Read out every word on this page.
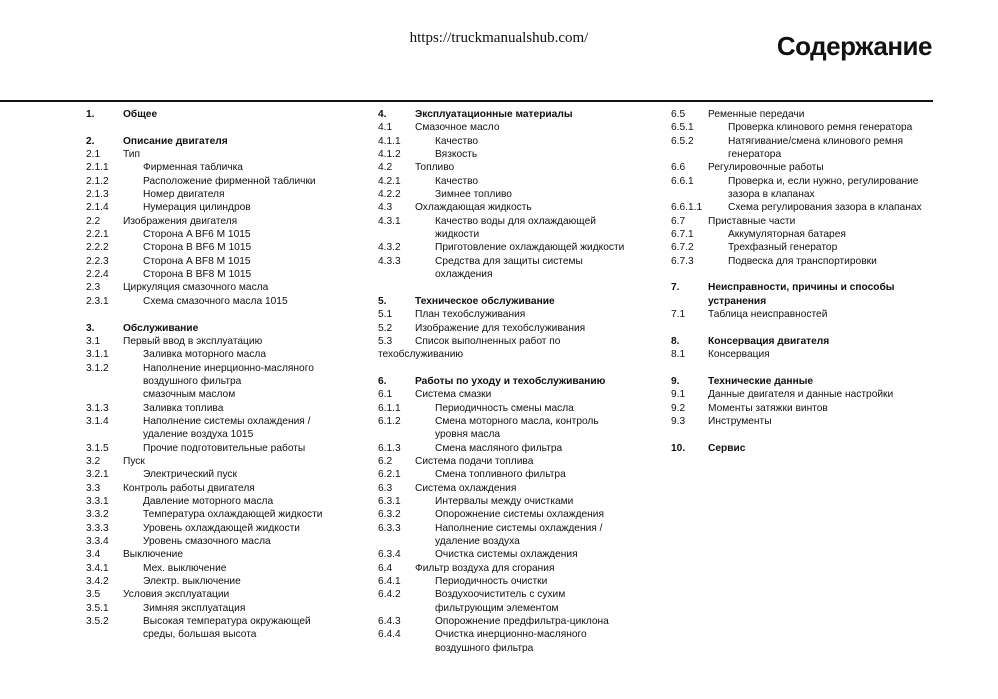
https://truckmanualshub.com/	Содержание
1.	Общее
2.	Описание двигателя
2.1	Тип
2.1.1	Фирменная табличка
2.1.2	Расположение фирменной таблички
2.1.3	Номер двигателя
2.1.4	Нумерация цилиндров
2.2	Изображения двигателя
2.2.1	Сторона A BF6 M 1015
2.2.2	Сторона B BF6 M 1015
2.2.3	Сторона A BF8 M 1015
2.2.4	Сторона B BF8 M 1015
2.3	Циркуляция смазочного масла
2.3.1	Схема смазочного масла 1015
3.	Обслуживание
3.1	Первый ввод в эксплуатацию
3.1.1	Заливка моторного масла
3.1.2	Наполнение инерционно-масляного
воздушного фильтра
смазочным маслом
3.1.3	Заливка топлива
3.1.4	Наполнение системы охлаждения /
удаление воздуха 1015
3.1.5	Прочие подготовительные работы
3.2	Пуск
3.2.1	Электрический пуск
3.3	Контроль работы двигателя
3.3.1	Давление моторного масла
3.3.2	Температура охлаждающей жидкости
3.3.3	Уровень охлаждающей жидкости
3.3.4	Уровень смазочного масла
3.4	Выключение
3.4.1	Мех. выключение
3.4.2	Электр. выключение
3.5	Условия эксплуатации
3.5.1	Зимняя эксплуатация
3.5.2	Высокая температура окружающей
среды, большая высота
4.	Эксплуатационные материалы
4.1	Смазочное масло
4.1.1	Качество
4.1.2	Вязкость
4.2	Топливо
4.2.1	Качество
4.2.2	Зимнее топливо
4.3	Охлаждающая жидкость
4.3.1	Качество воды для охлаждающей
жидкости
4.3.2	Приготовление охлаждающей жидкости
4.3.3	Средства для защиты системы
охлаждения
5.	Техническое обслуживание
5.1	План техобслуживания
5.2	Изображение для техобслуживания
5.3 Список выполненных работ по
техобслуживанию
6.	Работы по уходу и техобслуживанию
6.1	Система смазки
6.1.1	Периодичность смены масла
6.1.2	Смена моторного масла, контроль
уровня масла
6.1.3	Смена масляного фильтра
6.2	Система подачи топлива
6.2.1	Смена топливного фильтра
6.3	Система охлаждения
6.3.1	Интервалы между очистками
6.3.2	Опорожнение системы охлаждения
6.3.3	Наполнение системы охлаждения /
удаление воздуха
6.3.4	Очистка системы охлаждения
6.4	Фильтр воздуха для сгорания
6.4.1	Периодичность очистки
6.4.2	Воздухоочиститель с сухим
фильтрующим элементом
6.4.3	Опорожнение предфильтра-циклона
6.4.4	Очистка инерционно-масляного
воздушного фильтра
6.5	Ременные передачи
6.5.1	Проверка клинового ремня генератора
6.5.2	Натягивание/смена клинового ремня
генератора
6.6	Регулировочные работы
6.6.1	Проверка и, если нужно, регулирование
зазора в клапанах
6.6.1.1	Схема регулирования зазора в клапанах
6.7	Приставные части
6.7.1	Аккумуляторная батарея
6.7.2	Трехфазный генератор
6.7.3	Подвеска для транспортировки
7.	Неисправности, причины и способы
устранения
7.1	Таблица неисправностей
8.	Консервация двигателя
8.1	Консервация
9.	Технические данные
9.1	Данные двигателя и данные настройки
9.2	Моменты затяжки винтов
9.3	Инструменты
10.	Сервис
